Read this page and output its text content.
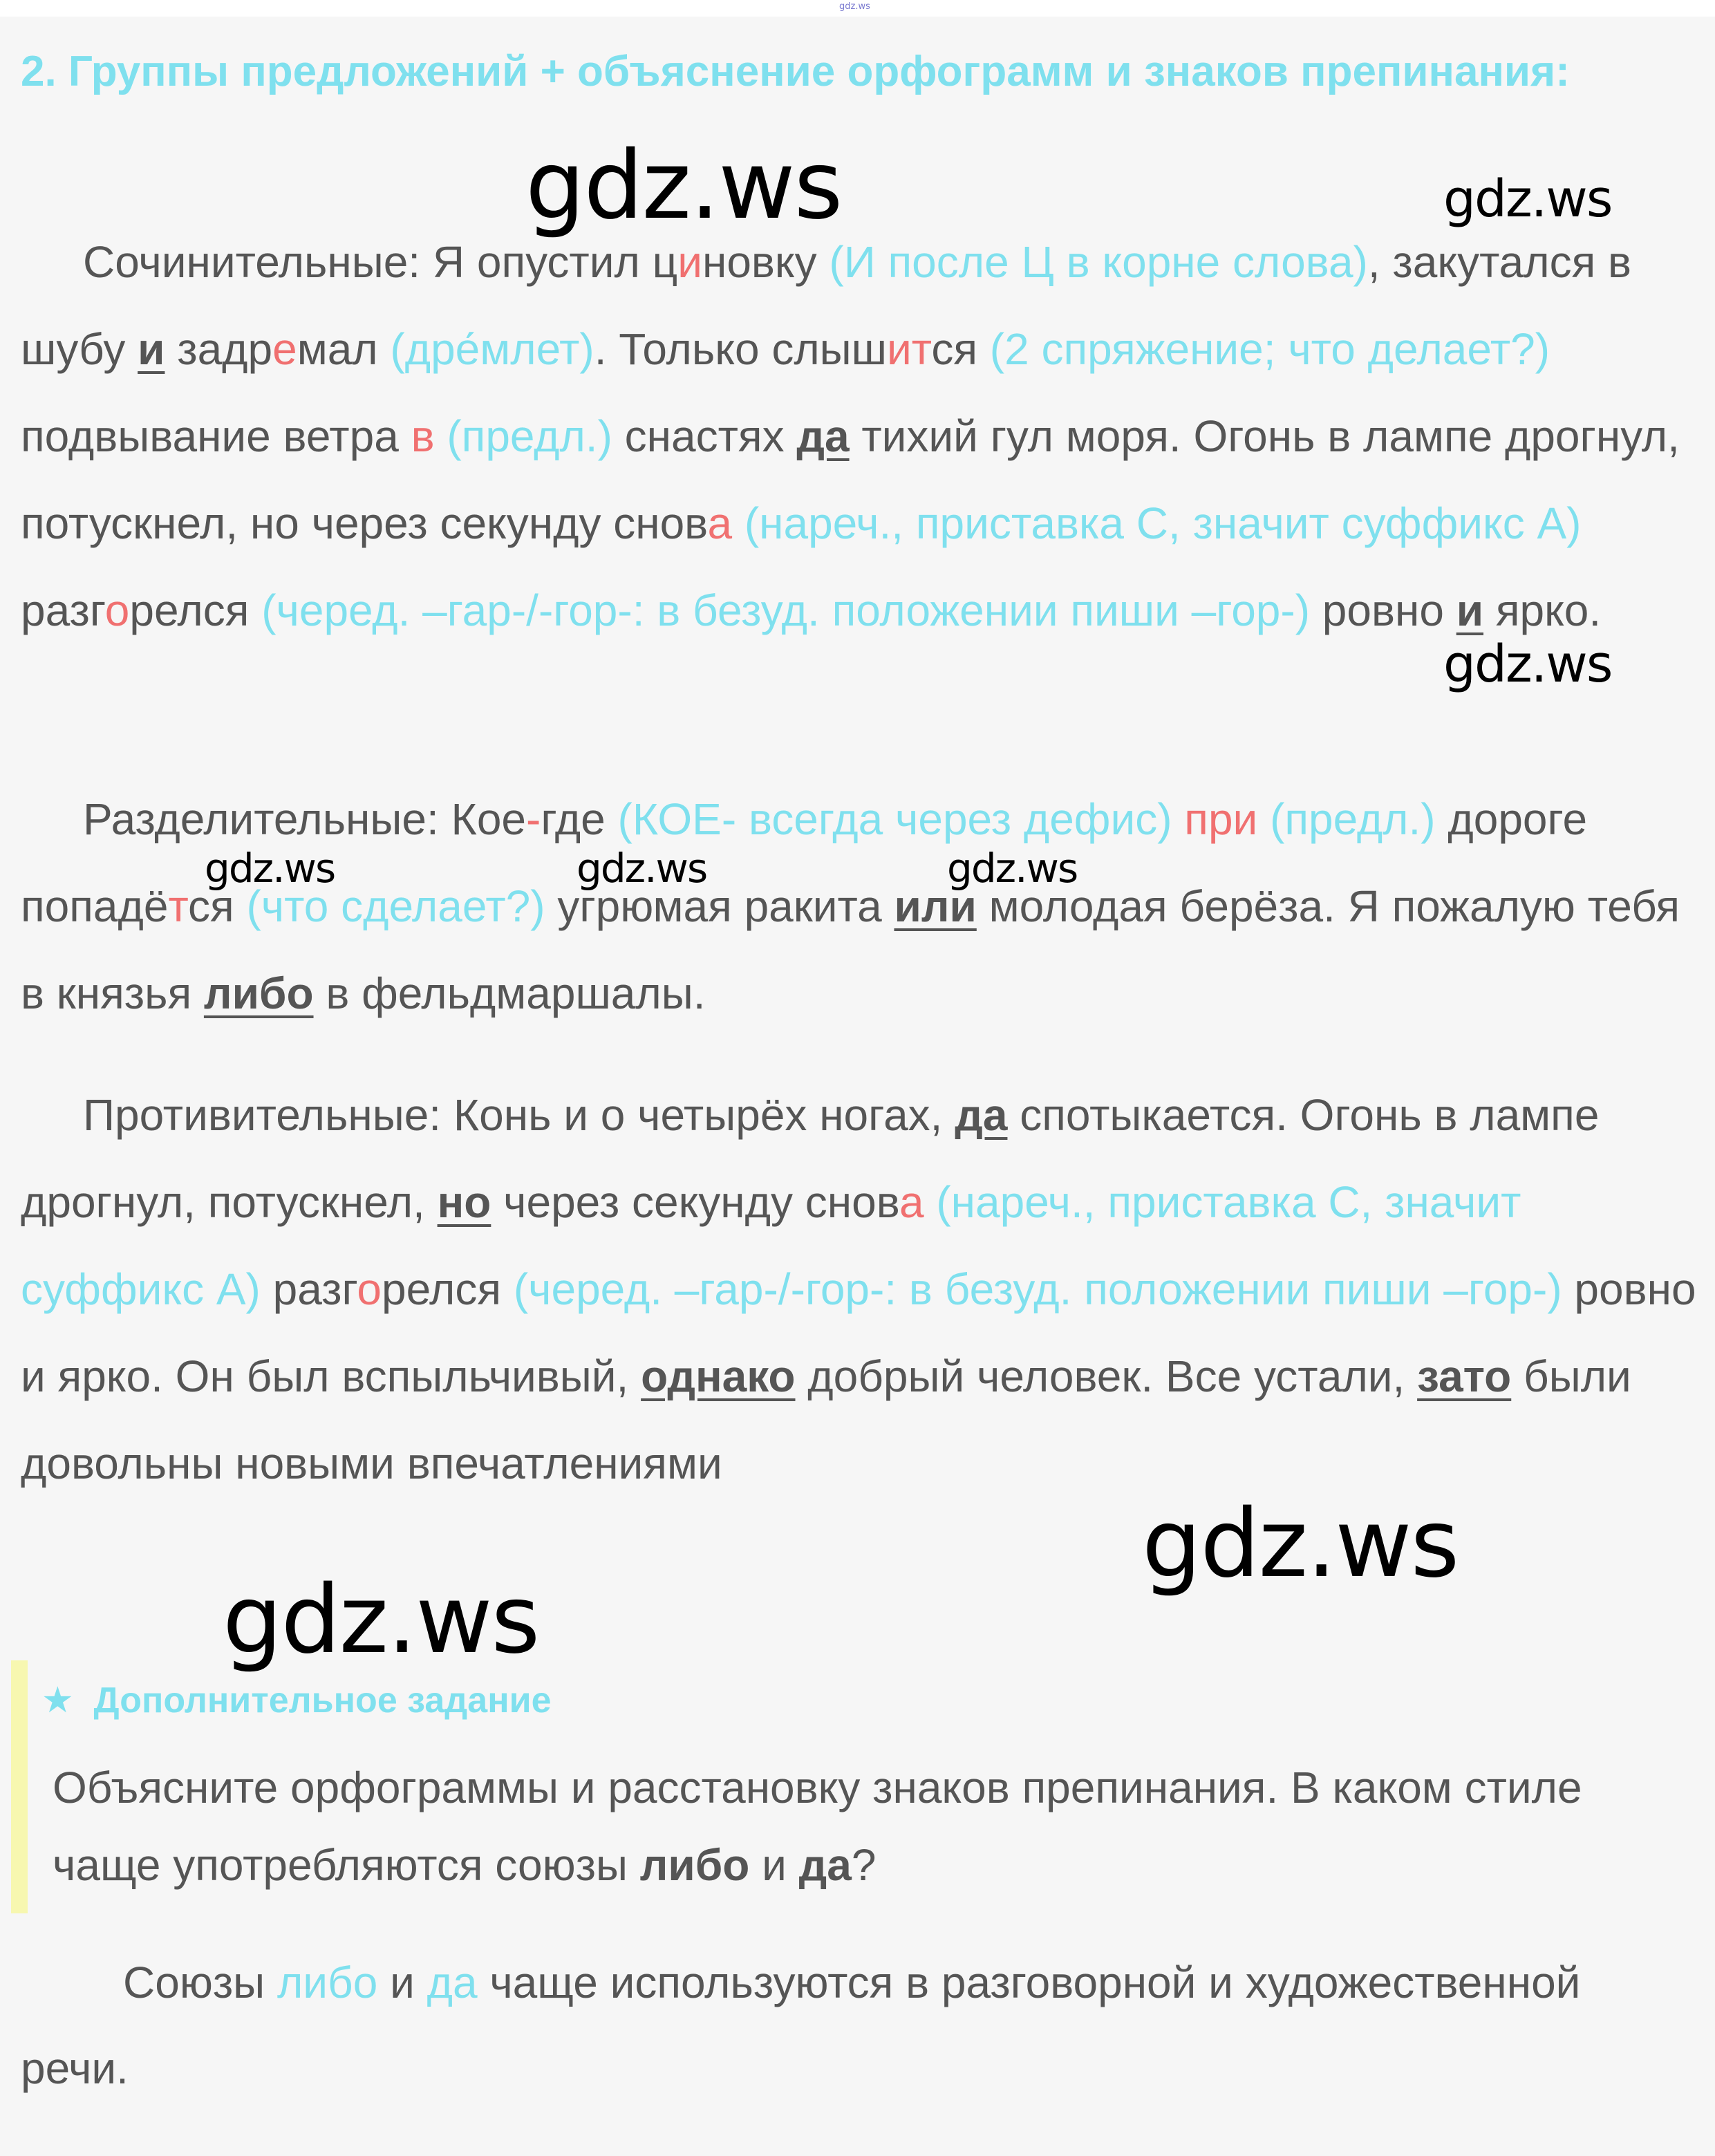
gdz.ws
2. Группы предложений + объяснение орфограмм и знаков препинания:
Сочинительные: Я опустил циновку (И после Ц в корне слова), закутался в шубу и задремал (дре́млет). Только слышится (2 спряжение; что делает?) подвывание ветра в (предл.) снастях да тихий гул моря. Огонь в лампе дрогнул, потускнел, но через секунду снова (нареч., приставка С, значит суффикс А) разгорелся (черед. –гар-/-гор-: в безуд. положении пиши –гор-) ровно и ярко.
Разделительные: Кое-где (КОЕ- всегда через дефис) при (предл.) дороге попадётся (что сделает?) угрюмая ракита или молодая берёза. Я пожалую тебя в князья либо в фельдмаршалы.
Противительные: Конь и о четырёх ногах, да спотыкается. Огонь в лампе дрогнул, потускнел, но через секунду снова (нареч., приставка С, значит суффикс А) разгорелся (черед. –гар-/-гор-: в безуд. положении пиши –гор-) ровно и ярко. Он был вспыльчивый, однако добрый человек. Все устали, зато были довольны новыми впечатлениями
★ Дополнительное задание
Объясните орфограммы и расстановку знаков препинания. В каком стиле чаще употребляются союзы либо и да?
Союзы либо и да чаще используются в разговорной и художественной речи.
gdz.ws	gdz.ws
gdz.ws
gdz.ws	gdz.ws	gdz.ws
gdz.ws
gdz.ws
